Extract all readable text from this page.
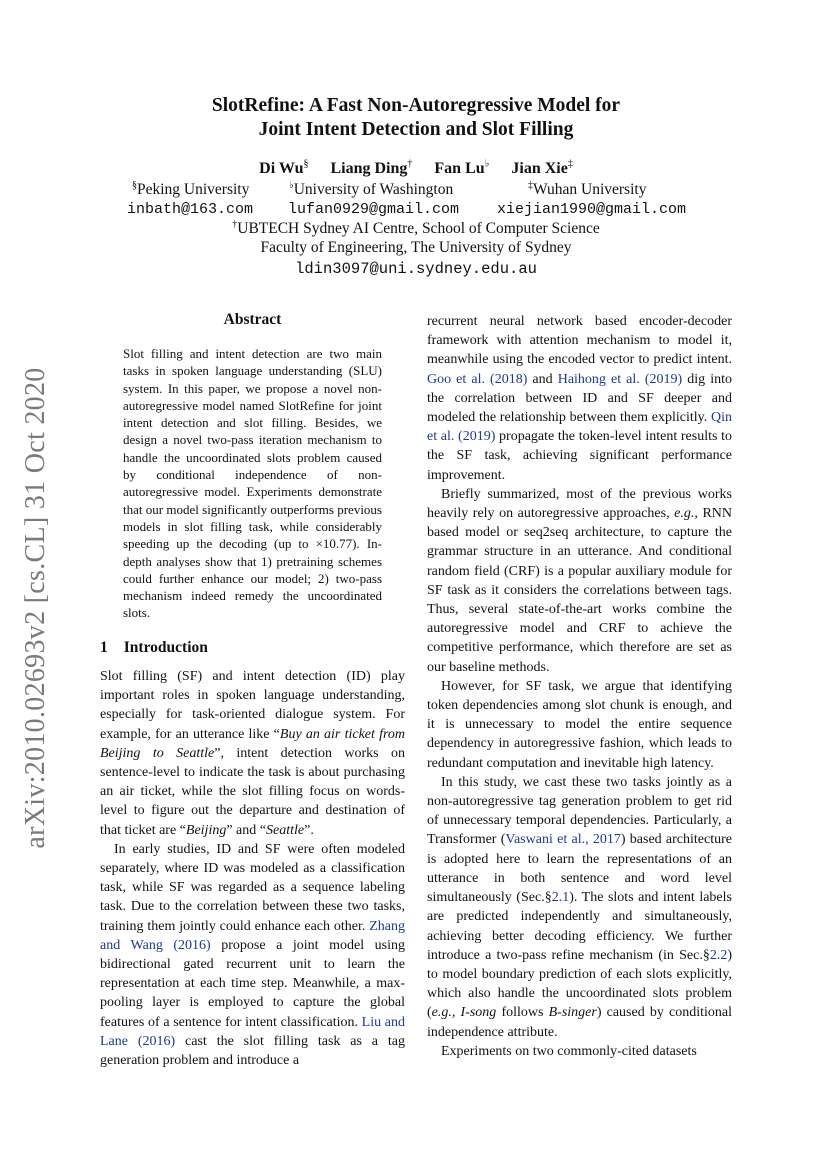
arXiv:2010.02693v2 [cs.CL] 31 Oct 2020
SlotRefine: A Fast Non-Autoregressive Model for
Joint Intent Detection and Slot Filling
Di Wu§ Liang Ding† Fan Lu♭ Jian Xie‡
§Peking University	♭University of Washington	‡Wuhan University
inbath@163.com lufan0929@gmail.com	xiejian1990@gmail.com
†UBTECH Sydney AI Centre, School of Computer Science
Faculty of Engineering, The University of Sydney
ldin3097@uni.sydney.edu.au
Abstract
Slot filling and intent detection are two main tasks in spoken language understanding (SLU) system. In this paper, we propose a novel non-autoregressive model named SlotRefine for joint intent detection and slot filling. Besides, we design a novel two-pass iteration mechanism to handle the uncoordinated slots problem caused by conditional independence of non-autoregressive model. Experiments demonstrate that our model significantly outperforms previous models in slot filling task, while considerably speeding up the decoding (up to ×10.77). In-depth analyses show that 1) pretraining schemes could further enhance our model; 2) two-pass mechanism indeed remedy the uncoordinated slots.
1 Introduction

Slot filling (SF) and intent detection (ID) play important roles in spoken language understanding, especially for task-oriented dialogue system. For example, for an utterance like “Buy an air ticket from Beijing to Seattle”, intent detection works on sentence-level to indicate the task is about purchasing an air ticket, while the slot filling focus on words-level to figure out the departure and destination of that ticket are “Beijing” and “Seattle”.

In early studies, ID and SF were often modeled separately, where ID was modeled as a classification task, while SF was regarded as a sequence labeling task. Due to the correlation between these two tasks, training them jointly could enhance each other. Zhang and Wang (2016) propose a joint model using bidirectional gated recurrent unit to learn the representation at each time step. Meanwhile, a max-pooling layer is employed to capture the global features of a sentence for intent classification. Liu and Lane (2016) cast the slot filling task as a tag generation problem and introduce a

recurrent neural network based encoder-decoder framework with attention mechanism to model it, meanwhile using the encoded vector to predict intent. Goo et al. (2018) and Haihong et al. (2019) dig into the correlation between ID and SF deeper and modeled the relationship between them explicitly. Qin et al. (2019) propagate the token-level intent results to the SF task, achieving significant performance improvement.

Briefly summarized, most of the previous works heavily rely on autoregressive approaches, e.g., RNN based model or seq2seq architecture, to capture the grammar structure in an utterance. And conditional random field (CRF) is a popular auxiliary module for SF task as it considers the correlations between tags. Thus, several state-of-the-art works combine the autoregressive model and CRF to achieve the competitive performance, which therefore are set as our baseline methods.

However, for SF task, we argue that identifying token dependencies among slot chunk is enough, and it is unnecessary to model the entire sequence dependency in autoregressive fashion, which leads to redundant computation and inevitable high latency.

In this study, we cast these two tasks jointly as a non-autoregressive tag generation problem to get rid of unnecessary temporal dependencies. Particularly, a Transformer (Vaswani et al., 2017) based architecture is adopted here to learn the representations of an utterance in both sentence and word level simultaneously (Sec.§2.1). The slots and intent labels are predicted independently and simultaneously, achieving better decoding efficiency. We further introduce a two-pass refine mechanism (in Sec.§2.2) to model boundary prediction of each slots explicitly, which also handle the uncoordinated slots problem (e.g., I-song follows B-singer) caused by conditional independence attribute.

Experiments on two commonly-cited datasets
